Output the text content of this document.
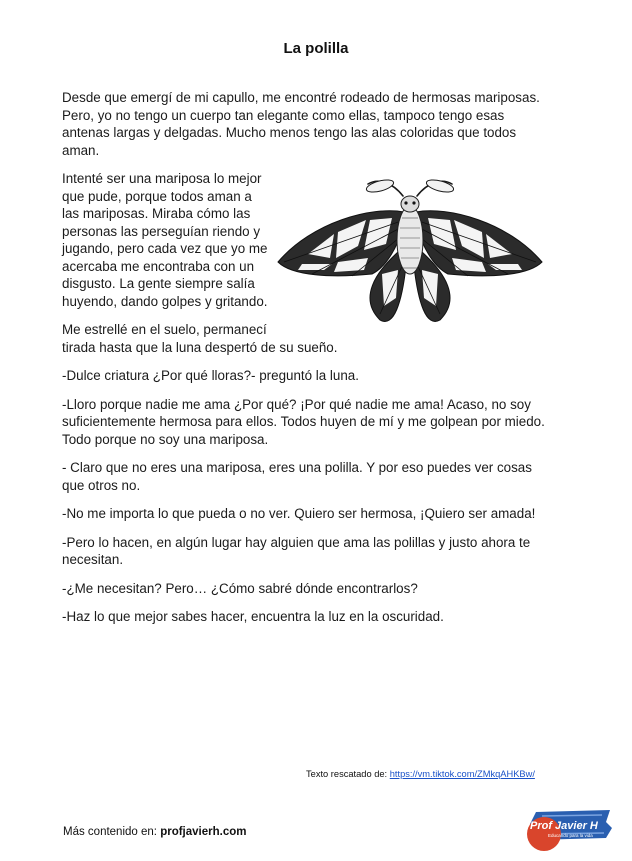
La polilla

Desde que emergí de mi capullo, me encontré rodeado de hermosas mariposas. Pero, yo no tengo un cuerpo tan elegante como ellas, tampoco tengo esas antenas largas y delgadas. Mucho menos tengo las alas coloridas que todos aman.

Intenté ser una mariposa lo mejor que pude, porque todos aman a las mariposas. Miraba cómo las personas las perseguían riendo y jugando, pero cada vez que yo me acercaba me encontraba con un disgusto. La gente siempre salía huyendo, dando golpes y gritando.

Me estrellé en el suelo, permanecí tirada hasta que la luna despertó de su sueño.

-Dulce criatura ¿Por qué lloras?- preguntó la luna.

-Lloro porque nadie me ama ¿Por qué? ¡Por qué nadie me ama! Acaso, no soy suficientemente hermosa para ellos. Todos huyen de mí y me golpean por miedo. Todo porque no soy una mariposa.

- Claro que no eres una mariposa, eres una polilla. Y por eso puedes ver cosas que otros no.

-No me importa lo que pueda o no ver. Quiero ser hermosa, ¡Quiero ser amada!

-Pero lo hacen, en algún lugar hay alguien que ama las polillas y justo ahora te necesitan.

-¿Me necesitan? Pero… ¿Cómo sabré dónde encontrarlos?

-Haz lo que mejor sabes hacer, encuentra la luz en la oscuridad.

Texto rescatado de: https://vm.tiktok.com/ZMkqAHKBw/
Más contenido en: profjavierh.com	Prof Javier H
Educando para la vida
